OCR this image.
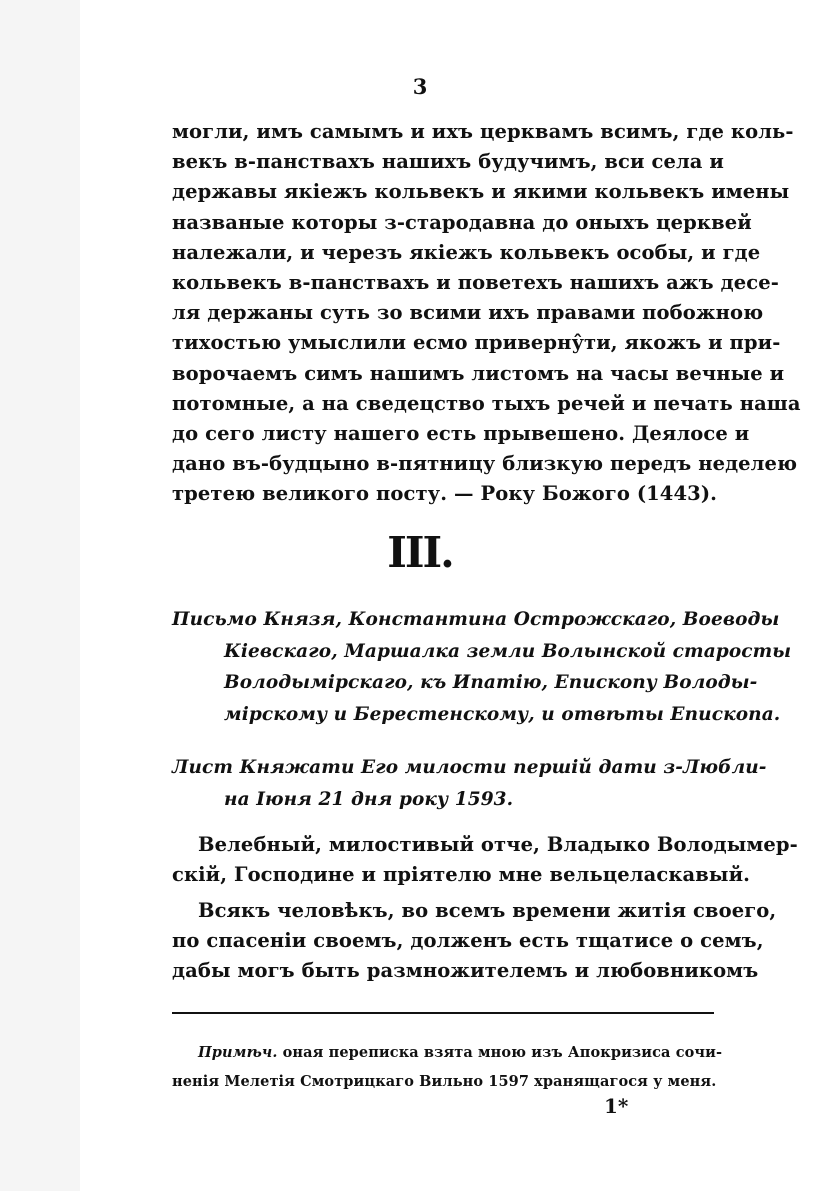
3
могли, имъ самымъ и ихъ церквамъ всимъ, где коль-
векъ в-панствахъ нашихъ будучимъ, вси села и
державы якiежъ кольвекъ и якими кольвекъ имены
названые которы з-стародавна до оныхъ церквей
належали, и черезъ якiежъ кольвекъ особы, и где
кольвекъ в-панствахъ и поветехъ нашихъ ажъ десе-
ля держаны суть зо всими ихъ правами побожною
тихостью умыслили есмо приверну̂ти, якожъ и при-
ворочаемъ симъ нашимъ листомъ на часы вечные и
потомные, а на сведецство тыхъ речей и печать наша
до сего листу нашего есть прывешено. Деялосе и
дано въ-будцыно в-пятницу близкую передъ неделею
третею великого посту. — Року Божого (1443).
III.
Письмо Князя, Константина Острожскаго, Воеводы
Кiевскаго, Маршалка земли Волынской старосты
Володымiрскаго, къ Ипатiю, Епископу Володы-
мiрскому и Берестенскому, и отвѣты Епископа.
Лист Княжати Его милости першiй дати з-Любли-
на Iюня 21 дня року 1593.
Велебный, милостивый отче, Владыко Володымер-
скiй, Господине и прiятелю мне вельцеласкавый.
Всякъ человѣкъ, во всемъ времени житiя своего,
по спасенiи своемъ, долженъ есть тщатисе о семъ,
дабы могъ быть размножителемъ и любовникомъ
Примѣч. оная переписка взята мною изъ Апокризиса сочи-
ненiя Мелетiя Смотрицкаго Вильно 1597 хранящагося у меня.
1*
